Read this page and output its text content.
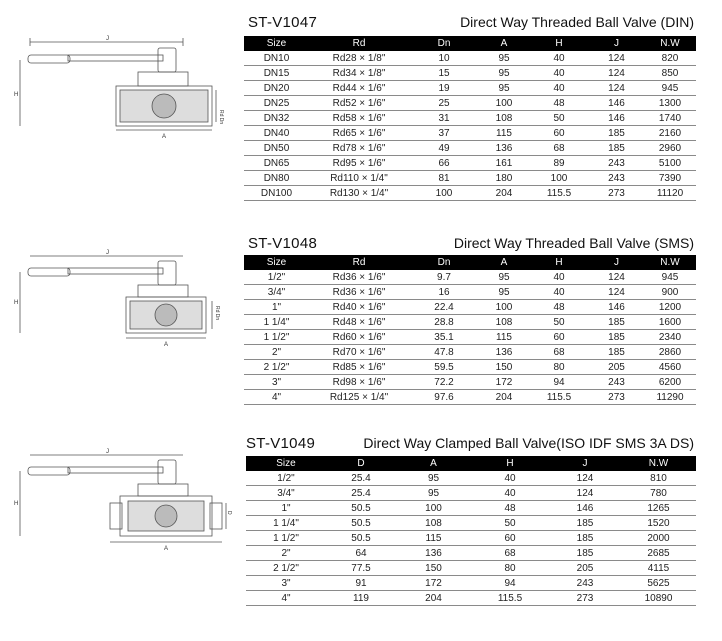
J
H
A
Rd Dn
ST-V1047	Direct Way Threaded Ball Valve (DIN)
Size	Rd	Dn	A	H	J	N.W
DN10	Rd28 × 1/8"	10	95	40	124	820
DN15	Rd34 × 1/8"	15	95	40	124	850
DN20	Rd44 × 1/6"	19	95	40	124	945
DN25	Rd52 × 1/6"	25	100	48	146	1300
DN32	Rd58 × 1/6"	31	108	50	146	1740
DN40	Rd65 × 1/6"	37	115	60	185	2160
DN50	Rd78 × 1/6"	49	136	68	185	2960
DN65	Rd95 × 1/6"	66	161	89	243	5100
DN80	Rd110 × 1/4"	81	180	100	243	7390
DN100	Rd130 × 1/4"	100	204	115.5	273	11120
J
H
A
Rd Dn
ST-V1048	Direct Way Threaded Ball Valve (SMS)
Size	Rd	Dn	A	H	J	N.W
1/2"	Rd36 × 1/6"	9.7	95	40	124	945
3/4"	Rd36 × 1/6"	16	95	40	124	900
1"	Rd40 × 1/6"	22.4	100	48	146	1200
1 1/4"	Rd48 × 1/6"	28.8	108	50	185	1600
1 1/2"	Rd60 × 1/6"	35.1	115	60	185	2340
2"	Rd70 × 1/6"	47.8	136	68	185	2860
2 1/2"	Rd85 × 1/6"	59.5	150	80	205	4560
3"	Rd98 × 1/6"	72.2	172	94	243	6200
4"	Rd125 × 1/4"	97.6	204	115.5	273	11290
J
H
A
D
ST-V1049	Direct Way Clamped Ball Valve(ISO IDF SMS 3A DS)
Size	D	A	H	J	N.W
1/2"	25.4	95	40	124	810
3/4"	25.4	95	40	124	780
1"	50.5	100	48	146	1265
1 1/4"	50.5	108	50	185	1520
1 1/2"	50.5	115	60	185	2000
2"	64	136	68	185	2685
2 1/2"	77.5	150	80	205	4115
3"	91	172	94	243	5625
4"	119	204	115.5	273	10890
